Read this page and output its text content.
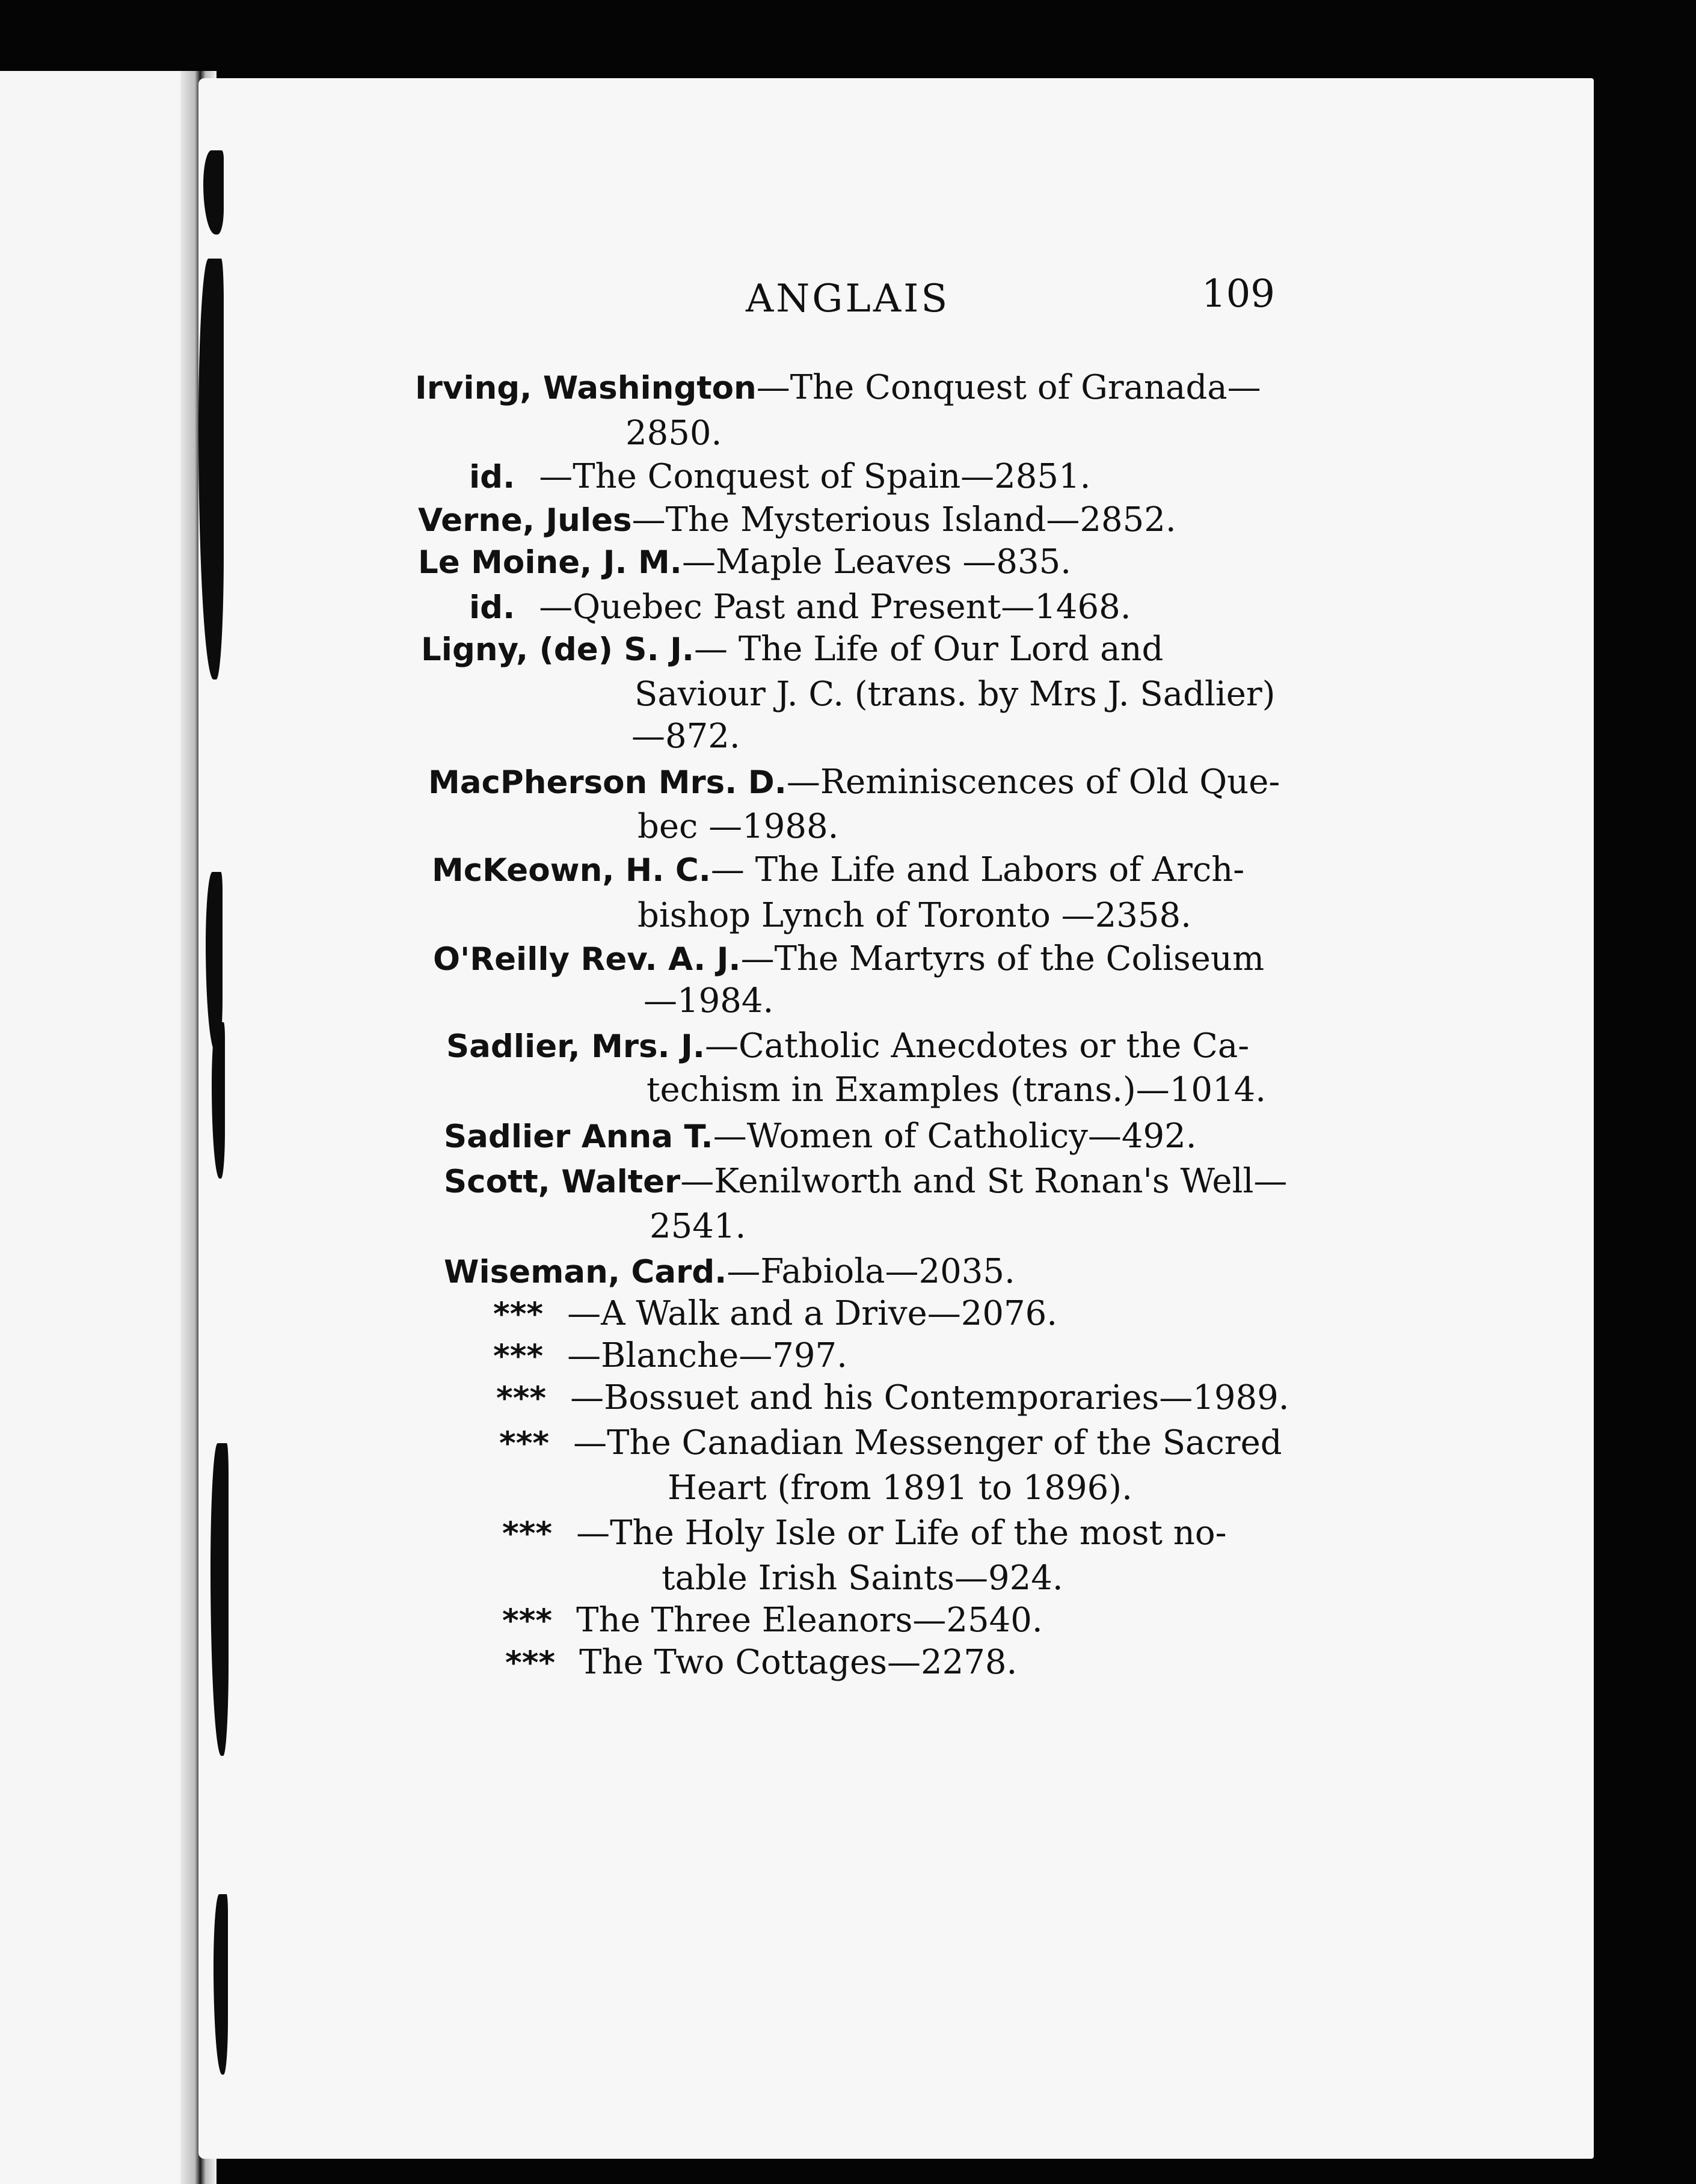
ANGLAIS	109
Irving, Washington—The Conquest of Granada—
2850.
id. —The Conquest of Spain—2851.
Verne, Jules—The Mysterious Island—2852.
Le Moine, J. M.—Maple Leaves —835.
id. —Quebec Past and Present—1468.
Ligny, (de) S. J.— The Life of Our Lord and
Saviour J. C. (trans. by Mrs J. Sadlier)
—872.
MacPherson Mrs. D.—Reminiscences of Old Que-
bec —1988.
McKeown, H. C.— The Life and Labors of Arch-
bishop Lynch of Toronto —2358.
O'Reilly Rev. A. J.—The Martyrs of the Coliseum
—1984.
Sadlier, Mrs. J.—Catholic Anecdotes or the Ca-
techism in Examples (trans.)—1014.
Sadlier Anna T.—Women of Catholicy—492.
Scott, Walter—Kenilworth and St Ronan's Well—
2541.
Wiseman, Card.—Fabiola—2035.
*** —A Walk and a Drive—2076.
*** —Blanche—797.
*** —Bossuet and his Contemporaries—1989.
*** —The Canadian Messenger of the Sacred
Heart (from 1891 to 1896).
*** —The Holy Isle or Life of the most no-
table Irish Saints—924.
*** The Three Eleanors—2540.
*** The Two Cottages—2278.
